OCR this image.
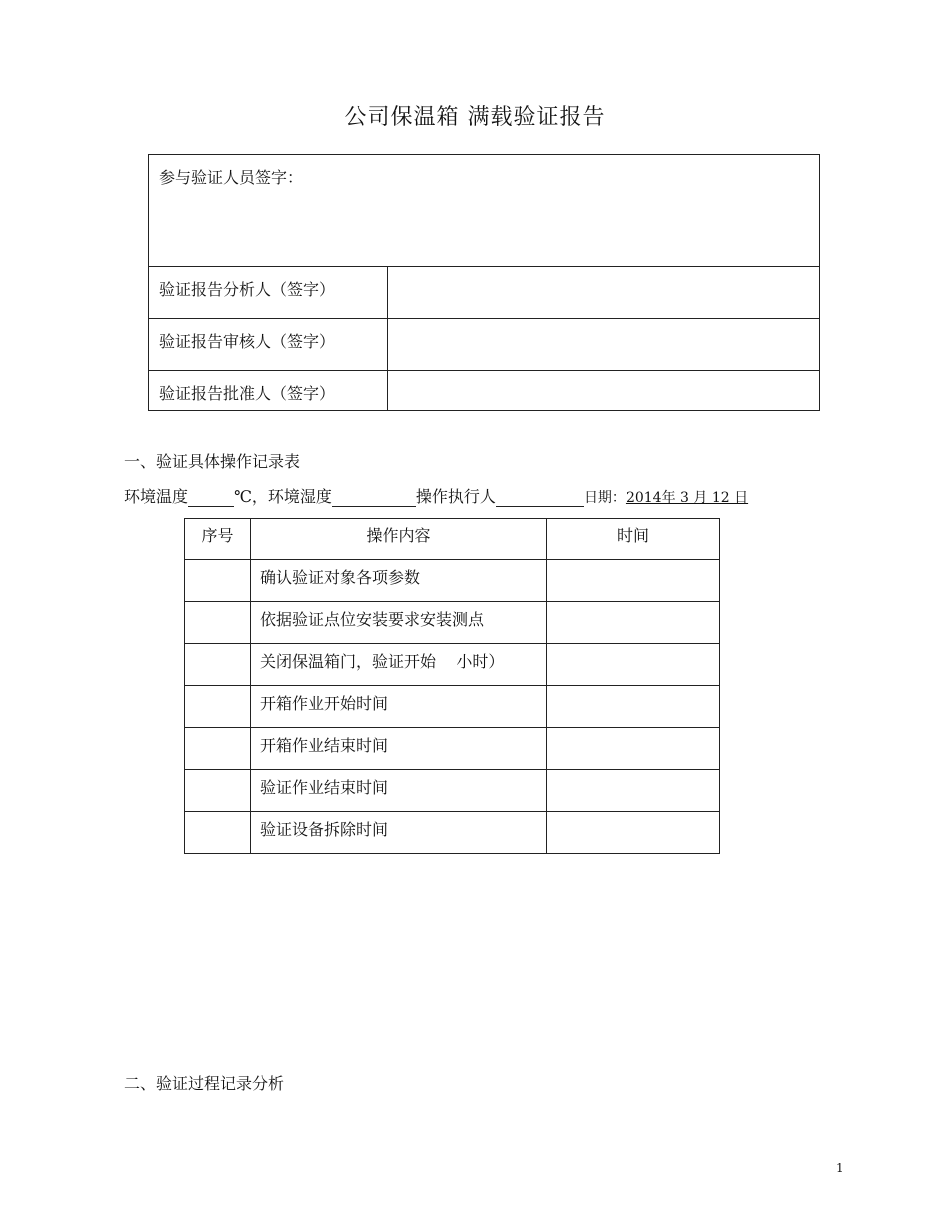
公司保温箱 满载验证报告
参与验证人员签字：	
验证报告分析人（签字）	
验证报告审核人（签字）	
验证报告批准人（签字）	
一、验证具体操作记录表
环境温度	℃，环境湿度	操作执行人	日期：2014年 3 月 12 日
序号	操作内容	时间
	确认验证对象各项参数	
	依据验证点位安装要求安装测点	
	关闭保温箱门，验证开始    小时）	
	开箱作业开始时间	
	开箱作业结束时间	
	验证作业结束时间	
	验证设备拆除时间	
二、验证过程记录分析
1
